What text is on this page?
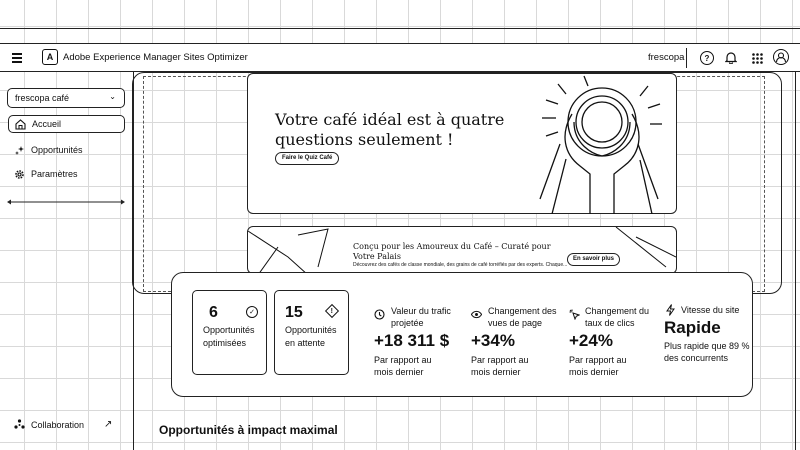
A	Adobe Experience Manager Sites Optimizer	frescopa	?
frescopa café	⌄
Accueil
Opportunités
Paramètres
Collaboration ↗
Votre café idéal est à quatre questions seulement !
Faire le Quiz Café
Conçu pour les Amoureux du Café – Curaté pour Votre Palais
Découvrez des cafés de classe mondiale, des grains de café torréfiés par des experts. Chaque...
En savoir plus
6	✓
Opportunités optimisées
15	!
Opportunités en attente
Valeur du trafic projetée
+18 311 $
Par rapport au mois dernier
Changement des vues de page
+34%
Par rapport au mois dernier
Changement du taux de clics
+24%
Par rapport au mois dernier
Vitesse du site
Rapide
Plus rapide que 89 % des concurrents
Opportunités à impact maximal
